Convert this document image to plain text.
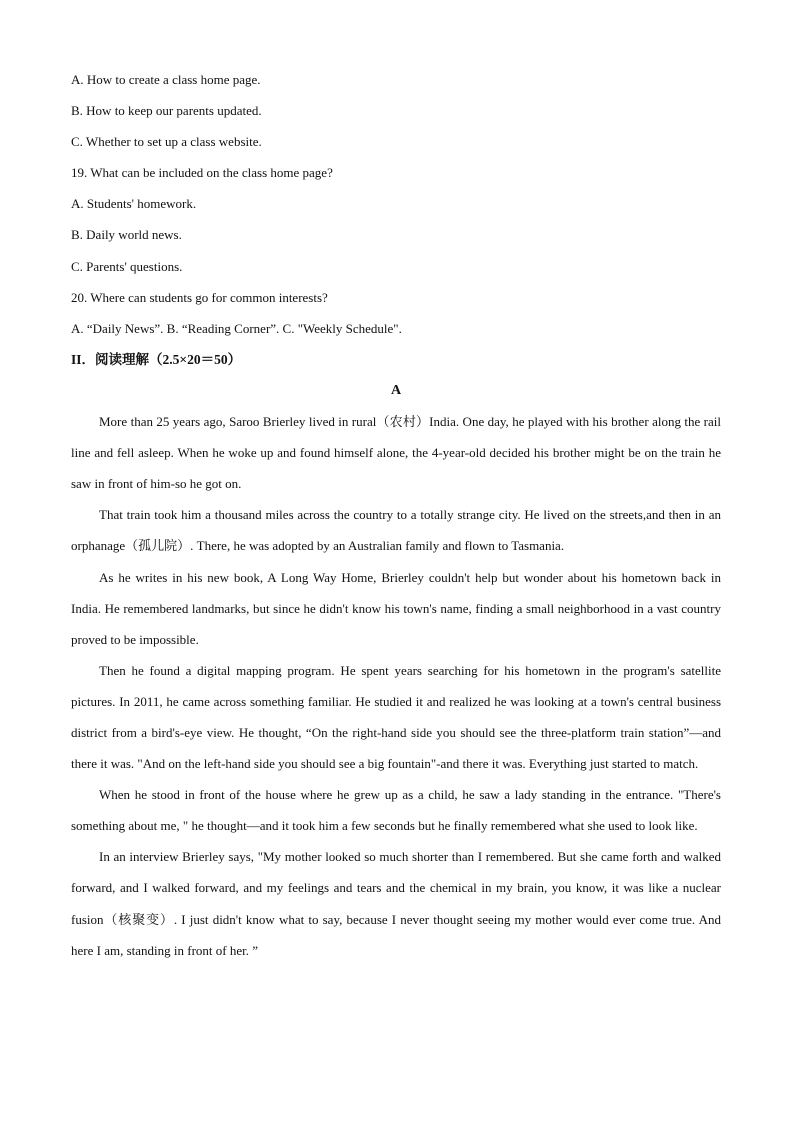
A. How to create a class home page.

B. How to keep our parents updated.

C. Whether to set up a class website.

19. What can be included on the class home page?

A. Students' homework.

B. Daily world news.

C. Parents' questions.

20. Where can students go for common interests?

A. “Daily News”. B. “Reading Corner”. C. "Weekly Schedule".

II．阅读理解（2.5×20＝50）

A

More than 25 years ago, Saroo Brierley lived in rural（农村）India. One day, he played with his brother along the rail line and fell asleep. When he woke up and found himself alone, the 4-year-old decided his brother might be on the train he saw in front of him-so he got on.

That train took him a thousand miles across the country to a totally strange city. He lived on the streets,and then in an orphanage（孤儿院）. There, he was adopted by an Australian family and flown to Tasmania.

As he writes in his new book, A Long Way Home, Brierley couldn't help but wonder about his hometown back in India. He remembered landmarks, but since he didn't know his town's name, finding a small neighborhood in a vast country proved to be impossible.

Then he found a digital mapping program. He spent years searching for his hometown in the program's satellite pictures. In 2011, he came across something familiar. He studied it and realized he was looking at a town's central business district from a bird's-eye view. He thought, “On the right-hand side you should see the three-platform train station”—and there it was. "And on the left-hand side you should see a big fountain"-and there it was. Everything just started to match.

When he stood in front of the house where he grew up as a child, he saw a lady standing in the entrance. "There's something about me, " he thought—and it took him a few seconds but he finally remembered what she used to look like.

In an interview Brierley says, "My mother looked so much shorter than I remembered. But she came forth and walked forward, and I walked forward, and my feelings and tears and the chemical in my brain, you know, it was like a nuclear fusion（核聚变）. I just didn't know what to say, because I never thought seeing my mother would ever come true. And here I am, standing in front of her. ”
